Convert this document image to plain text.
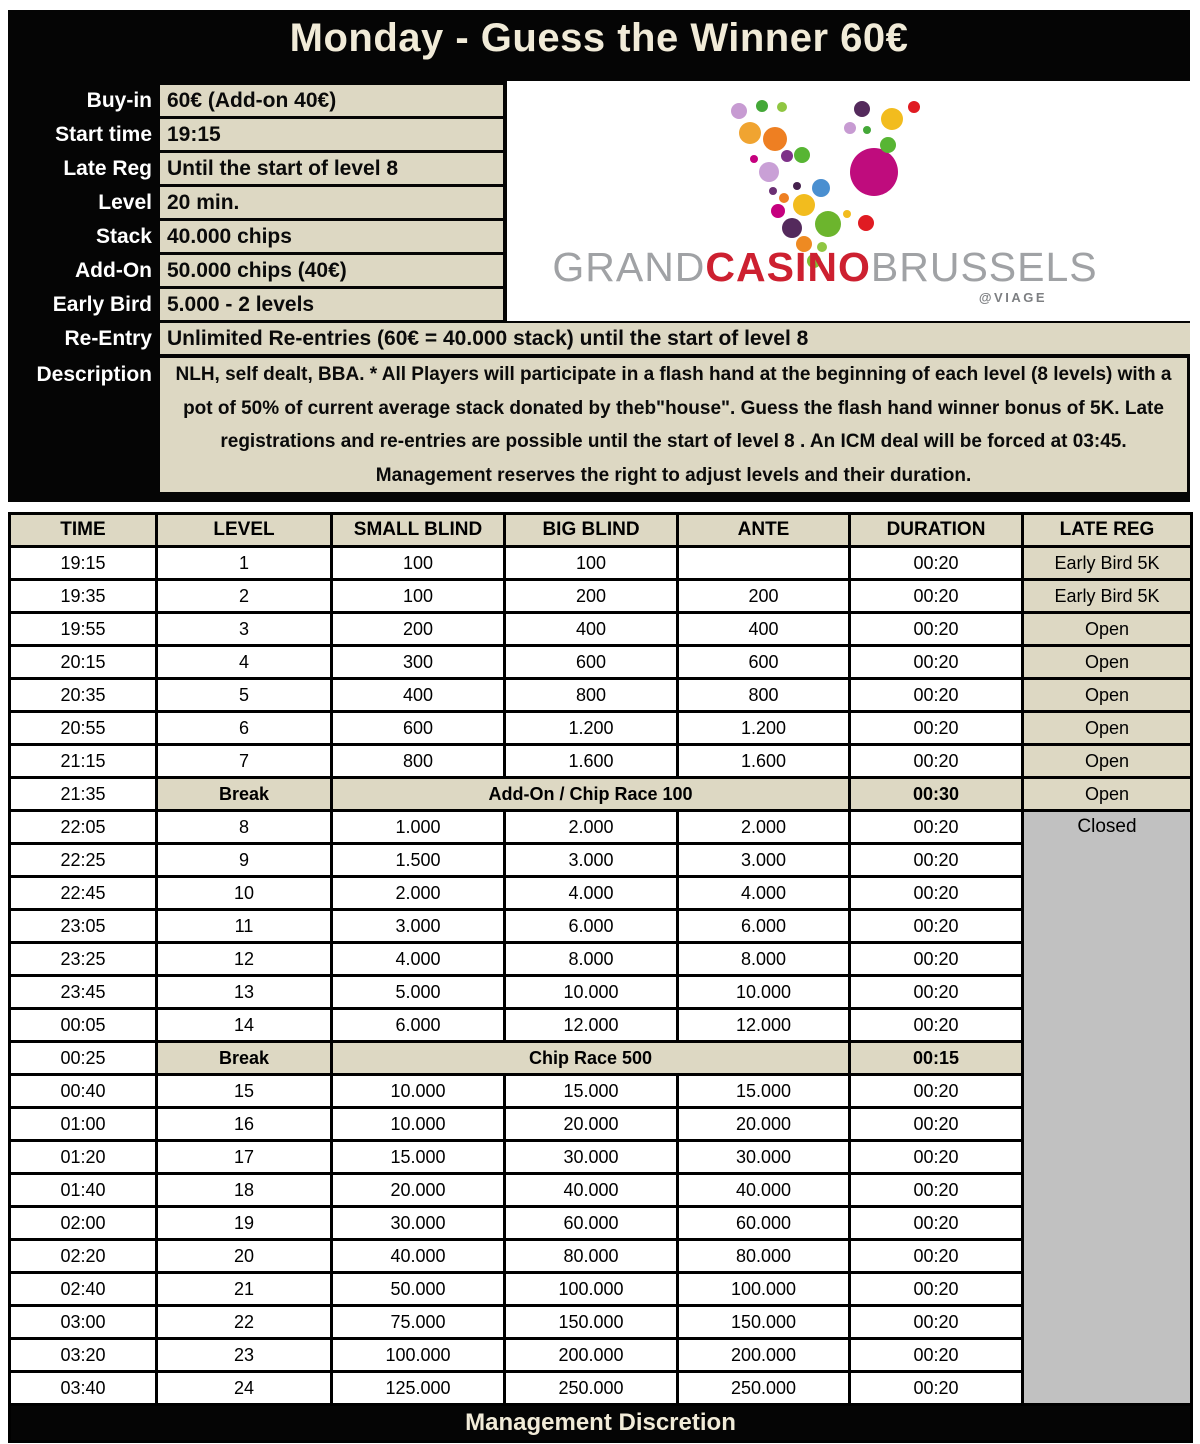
Monday - Guess the Winner 60€
Buy-in 60€ (Add-on 40€)
Start time 19:15
Late Reg Until the start of level 8
Level 20 min.
Stack 40.000 chips
Add-On 50.000 chips (40€)
Early Bird 5.000 - 2 levels
Re-Entry Unlimited Re-entries (60€ = 40.000 stack) until the start of level 8
Description	NLH, self dealt, BBA. * All Players will participate in a flash hand at the beginning of each level (8 levels) with a pot of 50% of current average stack donated by theb"house". Guess the flash hand winner bonus of 5K. Late registrations and re-entries are possible until the start of level 8 . An ICM deal will be forced at 03:45. Management reserves the right to adjust levels and their duration.
GRANDCASINOBRUSSELS
@VIAGE
TIME	LEVEL	SMALL BLIND	BIG BLIND	ANTE	DURATION	LATE REG
19:15	1	100	100		00:20	Early Bird 5K
19:35	2	100	200	200	00:20	Early Bird 5K
19:55	3	200	400	400	00:20	Open
20:15	4	300	600	600	00:20	Open
20:35	5	400	800	800	00:20	Open
20:55	6	600	1.200	1.200	00:20	Open
21:15	7	800	1.600	1.600	00:20	Open
21:35	Break	Add-On / Chip Race 100			00:30	Open
22:05	8	1.000	2.000	2.000	00:20	Closed
22:25	9	1.500	3.000	3.000	00:20	
22:45	10	2.000	4.000	4.000	00:20	
23:05	11	3.000	6.000	6.000	00:20	
23:25	12	4.000	8.000	8.000	00:20	
23:45	13	5.000	10.000	10.000	00:20	
00:05	14	6.000	12.000	12.000	00:20	
00:25	Break	Chip Race 500			00:15	
00:40	15	10.000	15.000	15.000	00:20	
01:00	16	10.000	20.000	20.000	00:20	
01:20	17	15.000	30.000	30.000	00:20	
01:40	18	20.000	40.000	40.000	00:20	
02:00	19	30.000	60.000	60.000	00:20	
02:20	20	40.000	80.000	80.000	00:20	
02:40	21	50.000	100.000	100.000	00:20	
03:00	22	75.000	150.000	150.000	00:20	
03:20	23	100.000	200.000	200.000	00:20	
03:40	24	125.000	250.000	250.000	00:20	
Management Discretion						
